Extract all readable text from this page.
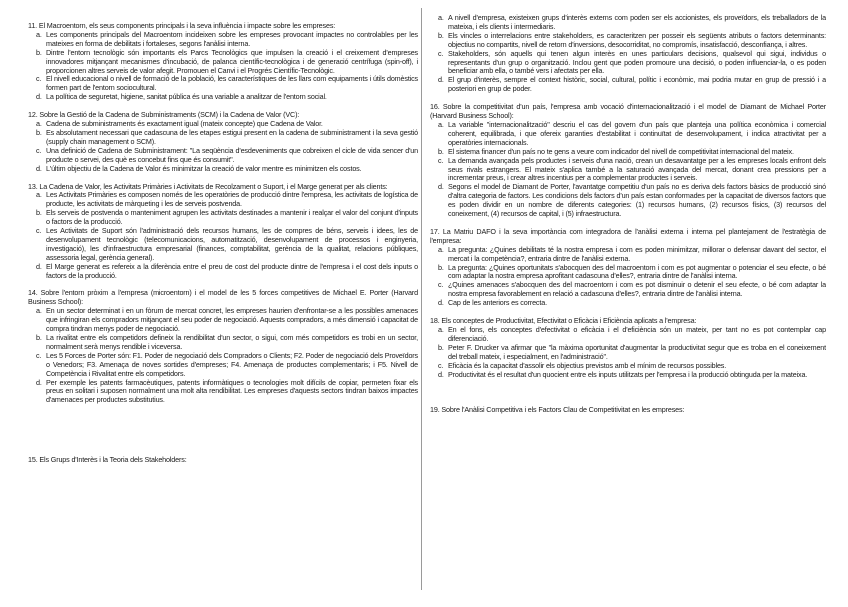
11. El Macroentorn, els seus components principals i la seva influència i impacte sobre les empreses:

a. Les components principals del Macroentorn incideixen sobre les empreses provocant impactes no controlables per les mateixes en forma de debilitats i fortaleses, segons l'anàlisi interna.
b. Dintre l'entorn tecnològic són importants els Parcs Tecnològics que impulsen la creació i el creixement d'empreses innovadores mitjançant mecanismes d'incubació, de palanca científic-tecnològica i de generació centrífuga (spin-off), i proporcionen altres serveis de valor afegit. Promouen el Canvi i el Progrés Científic-Tecnològic.
c. El nivell educacional o nivell de formació de la població, les característiques de les llars com equipaments i útils domèstics formen part de l'entorn sociocultural.
d. La política de seguretat, higiene, sanitat pública és una variable a analitzar de l'entorn social.

12. Sobre la Gestió de la Cadena de Subministraments (SCM) i la Cadena de Valor (VC):

a. Cadena de subministraments és exactament igual (mateix concepte) que Cadena de Valor.
b. Es absolutament necessari que cadascuna de les etapes estigui present en la cadena de subministrament i la seva gestió (supply chain management o SCM).
c. Una definició de Cadena de Subministrament: "La seqüència d'esdeveniments que cobreixen el cicle de vida sencer d'un producte o servei, des què es concebut fins que és consumit".
d. L'últim objectiu de la Cadena de Valor és minimitzar la creació de valor mentre es minimitzen els costos.

13. La Cadena de Valor, les Activitats Primàries i Activitats de Recolzament o Suport, i el Marge generat per als clients:

a. Les Activitats Primàries es composen només de les operatòries de producció dintre l'empresa, les activitats de logística de producte, les activitats de màrqueting i les de serveis postvenda.
b. Els serveis de postvenda o manteniment agrupen les activitats destinades a mantenir i realçar el valor del conjunt d'inputs o factors de la producció.
c. Les Activitats de Suport són l'administració dels recursos humans, les de compres de béns, serveis i idees, les de desenvolupament tecnològic (telecomunicacions, automatització, desenvolupament de processos i enginyeria, investigació), les d'infraestructura empresarial (finances, comptabilitat, gerència de la qualitat, relacions públiques, assessoria legal, gerència general).
d. El Marge generat es refereix a la diferència entre el preu de cost del producte dintre de l'empresa i el cost dels inputs o factors de la producció.

14. Sobre l'entorn pròxim a l'empresa (microentorn) i el model de les 5 forces competitives de Michael E. Porter (Harvard Business School):

a. En un sector determinat i en un fòrum de mercat concret, les empreses haurien d'enfrontar-se a les possibles amenaces que infringiran els compradors mitjançant el seu poder de negociació. Aquests compradors, a més dimensió i capacitat de compra tindran menys poder de negociació.
b. La rivalitat entre els competidors defineix la rendibilitat d'un sector, o sigui, com més competidors es trobi en un sector, normalment serà menys rendible i viceversa.
c. Les 5 Forces de Porter són: F1. Poder de negociació dels Compradors o Clients; F2. Poder de negociació dels Proveïdors o Venedors; F3. Amenaça de noves sortides d'empreses; F4. Amenaça de productes complementaris; i F5. Nivell de Competència i Rivalitat entre els competidors.
d. Per exemple les patents farmacèutiques, patents informàtiques o tecnologies molt difícils de copiar, permeten fixar els preus en solitari i suposen normalment una molt alta rendibilitat. Les empreses d'aquests sectors tindran baixos impactes d'amenaces per productes substitutius.

15. Els Grups d'Interès i la Teoria dels Stakeholders:

a. A nivell d'empresa, existeixen grups d'interès externs com poden ser els accionistes, els proveïdors, els treballadors de la mateixa, i els clients i intermediaris.
b. Els vincles o interrelacions entre stakeholders, es caracteritzen per posseir els següents atributs o factors determinants: objectius no compartits, nivell de retorn d'inversions, desocorriditat, no compromís, insatisfacció, desconfiança, i altres.
c. Stakeholders, són aquells qui tenen algun interès en unes particulars decisions, qualsevol qui sigui, individus o representants d'un grup o organització. Inclou gent que poden promoure una decisió, o poden influenciar-la, o es poden beneficiar amb ella, o també vers i afectats per ella.
d. El grup d'interès, sempre el context històric, social, cultural, polític i econòmic, mai podria mutar en grup de pressió i a posteriori en grup de poder.

16. Sobre la competitivitat d'un país, l'empresa amb vocació d'internacionalització i el model de Diamant de Michael Porter (Harvard Business School):

a. La variable "internacionalització" descriu el cas del govern d'un país que planteja una política econòmica i comercial coherent, equilibrada, i que ofereix garanties d'estabilitat i continuïtat de desenvolupament, i indica atractivitat per a operatòries internacionals.
b. El sistema financer d'un país no te gens a veure com indicador del nivell de competitivitat internacional del mateix.
c. La demanda avançada pels productes i serveis d'una nació, crean un desavantatge per a les empreses locals enfront dels seus rivals estrangers. El mateix s'aplica també a la saturació avançada del mercat, donant crea pressions per a incrementar preus, i crear altres incentius per a complementar productes i serveis.
d. Segons el model de Diamant de Porter, l'avantatge competitiu d'un país no es deriva dels factors bàsics de producció sinó d'altra categoria de factors. Les condicions dels factors d'un país estan conformades per la capacitat de diversos factors que es poden dividir en un nombre de diferents categories: (1) recursos humans, (2) recursos físics, (3) recursos del coneixement, (4) recursos de capital, i (5) infraestructura.

17. La Matriu DAFO i la seva importància com integradora de l'anàlisi externa i interna pel plantejament de l'estratègia de l'empresa:

a. La pregunta: ¿Quines debilitats té la nostra empresa i com es poden minimitzar, millorar o defensar davant del sector, el mercat i la competència?, entraria dintre de l'anàlisi externa.
b. La pregunta: ¿Quines oportunitats s'abocquen des del macroentorn i com es pot augmentar o potenciar el seu efecte, o bé com adaptar la nostra empresa aprofitant cadascuna d'elles?, entraria dintre de l'anàlisi interna.
c. ¿Quines amenaces s'abocquen des del macroentorn i com es pot disminuir o detenir el seu efecte, o bé com adaptar la nostra empresa favorablement en relació a cadascuna d'elles?, entraria dintre de l'anàlisi interna.
d. Cap de les anteriors es correcta.

18. Els conceptes de Productivitat, Efectivitat o Eficàcia i Eficiència aplicats a l'empresa:

a. En el fons, els conceptes d'efectivitat o eficàcia i el d'eficiència són un mateix, per tant no es pot contemplar cap diferenciació.
b. Peter F. Drucker va afirmar que "la màxima oportunitat d'augmentar la productivitat segur que es troba en el coneixement del treball mateix, i especialment, en l'administració".
c. Eficàcia és la capacitat d'assolir els objectius previstos amb el mínim de recursos possibles.
d. Productivitat és el resultat d'un quocient entre els inputs utilitzats per l'empresa i la producció obtinguda per la mateixa.

19. Sobre l'Anàlisi Competitiva i els Factors Clau de Competitivitat en les empreses:
